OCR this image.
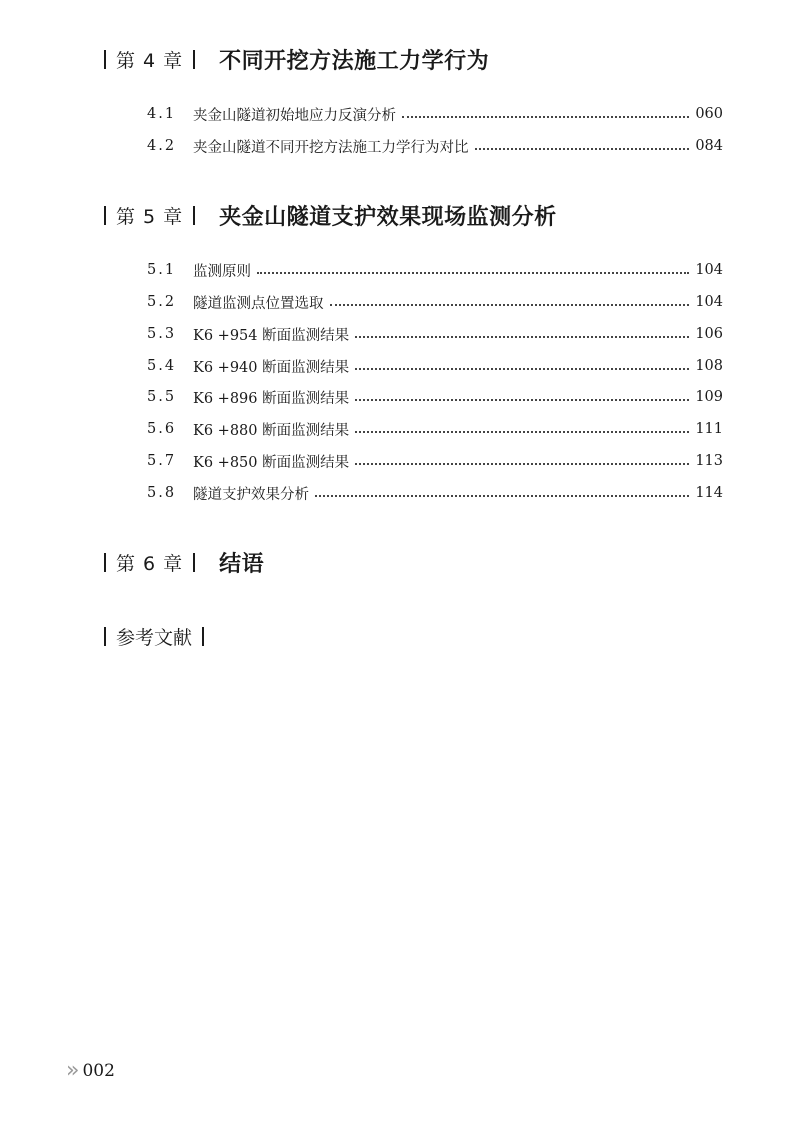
第 4 章 不同开挖方法施工力学行为
4.1	夹金山隧道初始地应力反演分析	060
4.2	夹金山隧道不同开挖方法施工力学行为对比	084
第 5 章 夹金山隧道支护效果现场监测分析
5.1	监测原则	104
5.2	隧道监测点位置选取	104
5.3	K6 +954 断面监测结果	106
5.4	K6 +940 断面监测结果	108
5.5	K6 +896 断面监测结果	109
5.6	K6 +880 断面监测结果	111
5.7	K6 +850 断面监测结果	113
5.8	隧道支护效果分析	114
第 6 章 结语
参考文献
» 002
